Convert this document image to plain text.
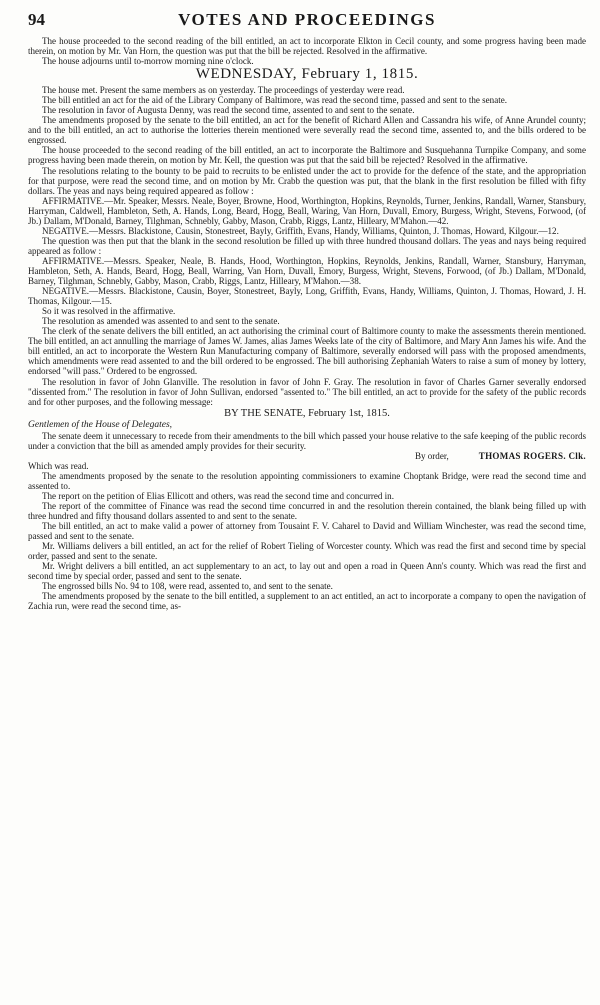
94	VOTES AND PROCEEDINGS

The house proceeded to the second reading of the bill entitled, an act to incorporate Elkton in Cecil county, and some progress having been made therein, on motion by Mr. Van Horn, the question was put that the bill be rejected. Resolved in the affirmative.

The house adjourns until to-morrow morning nine o'clock.

WEDNESDAY, February 1, 1815.

The house met. Present the same members as on yesterday. The proceedings of yesterday were read.

The bill entitled an act for the aid of the Library Company of Baltimore, was read the second time, passed and sent to the senate.

The resolution in favor of Augusta Denny, was read the second time, assented to and sent to the senate.

The amendments proposed by the senate to the bill entitled, an act for the benefit of Richard Allen and Cassandra his wife, of Anne Arundel county; and to the bill entitled, an act to authorise the lotteries therein mentioned were severally read the second time, assented to, and the bills ordered to be engrossed.

The house proceeded to the second reading of the bill entitled, an act to incorporate the Baltimore and Susquehanna Turnpike Company, and some progress having been made therein, on motion by Mr. Kell, the question was put that the said bill be rejected? Resolved in the affirmative.

The resolutions relating to the bounty to be paid to recruits to be enlisted under the act to provide for the defence of the state, and the appropriation for that purpose, were read the second time, and on motion by Mr. Crabb the question was put, that the blank in the first resolution be filled with fifty dollars. The yeas and nays being required appeared as follow :

AFFIRMATIVE.—Mr. Speaker, Messrs. Neale, Boyer, Browne, Hood, Worthington, Hopkins, Reynolds, Turner, Jenkins, Randall, Warner, Stansbury, Harryman, Caldwell, Hambleton, Seth, A. Hands, Long, Beard, Hogg, Beall, Waring, Van Horn, Duvall, Emory, Burgess, Wright, Stevens, Forwood, (of Jb.) Dallam, M'Donald, Barney, Tilghman, Schnebly, Gabby, Mason, Crabb, Riggs, Lantz, Hilleary, M'Mahon.—42.

NEGATIVE.—Messrs. Blackistone, Causin, Stonestreet, Bayly, Griffith, Evans, Handy, Williams, Quinton, J. Thomas, Howard, Kilgour.—12.

The question was then put that the blank in the second resolution be filled up with three hundred thousand dollars. The yeas and nays being required appeared as follow :

AFFIRMATIVE.—Messrs. Speaker, Neale, B. Hands, Hood, Worthington, Hopkins, Reynolds, Jenkins, Randall, Warner, Stansbury, Harryman, Hambleton, Seth, A. Hands, Beard, Hogg, Beall, Warring, Van Horn, Duvall, Emory, Burgess, Wright, Stevens, Forwood, (of Jb.) Dallam, M'Donald, Barney, Tilghman, Schnebly, Gabby, Mason, Crabb, Riggs, Lantz, Hilleary, M'Mahon.—38.

NEGATIVE.—Messrs. Blackistone, Causin, Boyer, Stonestreet, Bayly, Long, Griffith, Evans, Handy, Williams, Quinton, J. Thomas, Howard, J. H. Thomas, Kilgour.—15.

So it was resolved in the affirmative.

The resolution as amended was assented to and sent to the senate.

The clerk of the senate delivers the bill entitled, an act authorising the criminal court of Baltimore county to make the assessments therein mentioned. The bill entitled, an act annulling the marriage of James W. James, alias James Weeks late of the city of Baltimore, and Mary Ann James his wife. And the bill entitled, an act to incorporate the Western Run Manufacturing company of Baltimore, severally endorsed will pass with the proposed amendments, which amendments were read assented to and the bill ordered to be engrossed. The bill authorising Zephaniah Waters to raise a sum of money by lottery, endorsed "will pass." Ordered to be engrossed.

The resolution in favor of John Glanville. The resolution in favor of John F. Gray. The resolution in favor of Charles Garner severally endorsed "dissented from." The resolution in favor of John Sullivan, endorsed "assented to." The bill entitled, an act to provide for the safety of the public records and for other purposes, and the following message:

BY THE SENATE, February 1st, 1815.
Gentlemen of the House of Delegates,

The senate deem it unnecessary to recede from their amendments to the bill which passed your house relative to the safe keeping of the public records under a conviction that the bill as amended amply provides for their security.

By order,	THOMAS ROGERS. Clk.

Which was read.

The amendments proposed by the senate to the resolution appointing commissioners to examine Choptank Bridge, were read the second time and assented to.

The report on the petition of Elias Ellicott and others, was read the second time and concurred in.

The report of the committee of Finance was read the second time concurred in and the resolution therein contained, the blank being filled up with three hundred and fifty thousand dollars assented to and sent to the senate.

The bill entitled, an act to make valid a power of attorney from Tousaint F. V. Caharel to David and William Winchester, was read the second time, passed and sent to the senate.

Mr. Williams delivers a bill entitled, an act for the relief of Robert Tieling of Worcester county. Which was read the first and second time by special order, passed and sent to the senate.

Mr. Wright delivers a bill entitled, an act supplementary to an act, to lay out and open a road in Queen Ann's county. Which was read the first and second time by special order, passed and sent to the senate.

The engrossed bills No. 94 to 108, were read, assented to, and sent to the senate.

The amendments proposed by the senate to the bill entitled, a supplement to an act entitled, an act to incorporate a company to open the navigation of Zachia run, were read the second time, as-
